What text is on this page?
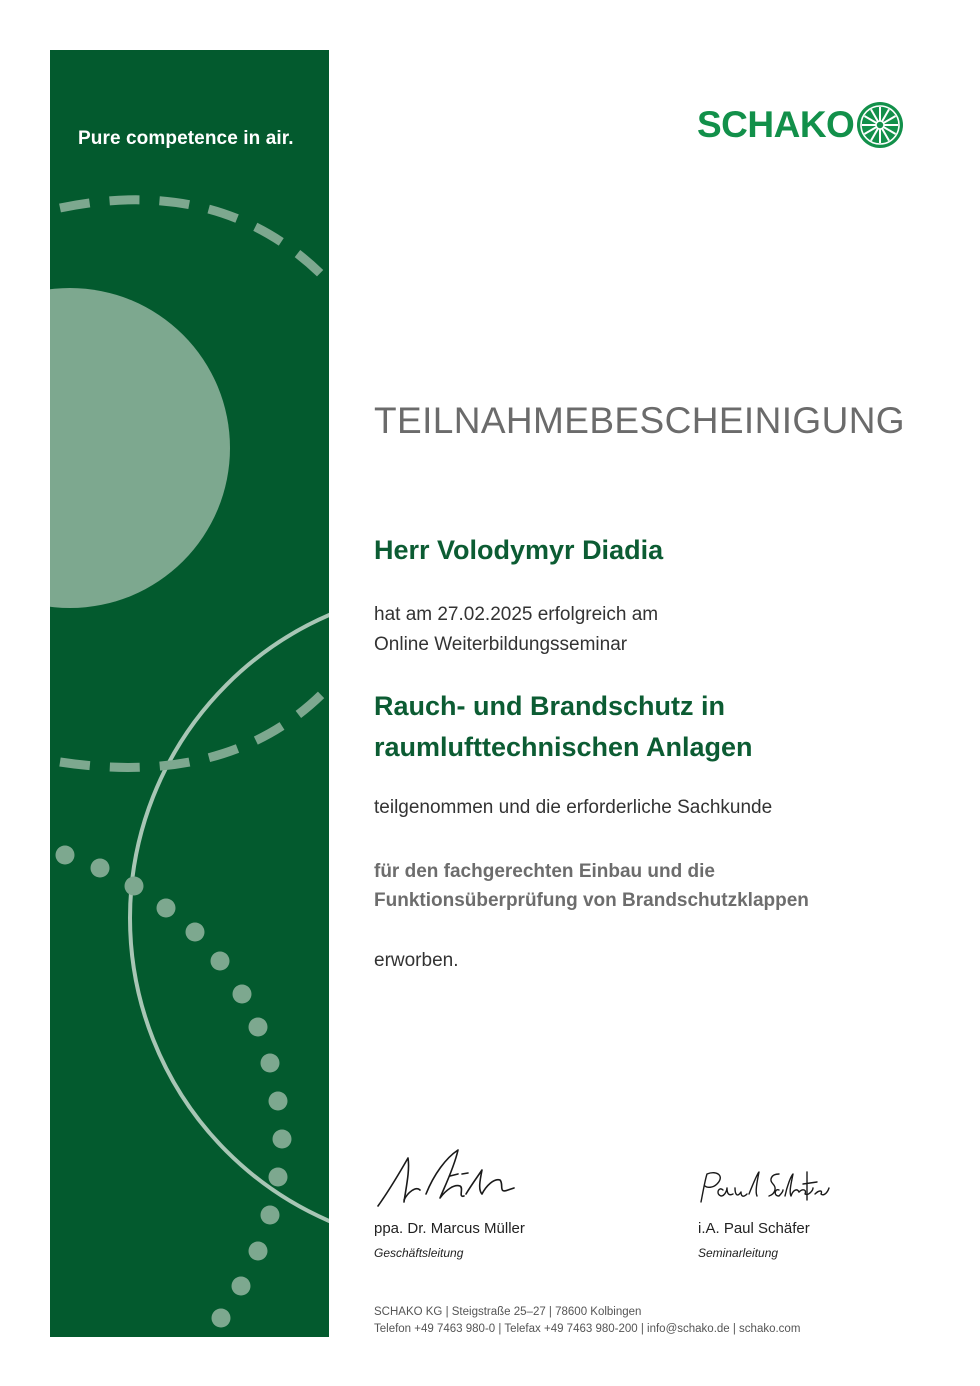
Pure competence in air.	SCHAKO
TEILNAHMEBESCHEINIGUNG
Herr Volodymyr Diadia
hat am 27.02.2025 erfolgreich am
Online Weiterbildungsseminar
Rauch- und Brandschutz in
raumlufttechnischen Anlagen
teilgenommen und die erforderliche Sachkunde
für den fachgerechten Einbau und die
Funktionsüberprüfung von Brandschutzklappen
erworben.
ppa. Dr. Marcus Müller
Geschäftsleitung
i.A. Paul Schäfer
Seminarleitung
SCHAKO KG | Steigstraße 25–27 | 78600 Kolbingen
Telefon +49 7463 980-0 | Telefax +49 7463 980-200 | info@schako.de | schako.com
